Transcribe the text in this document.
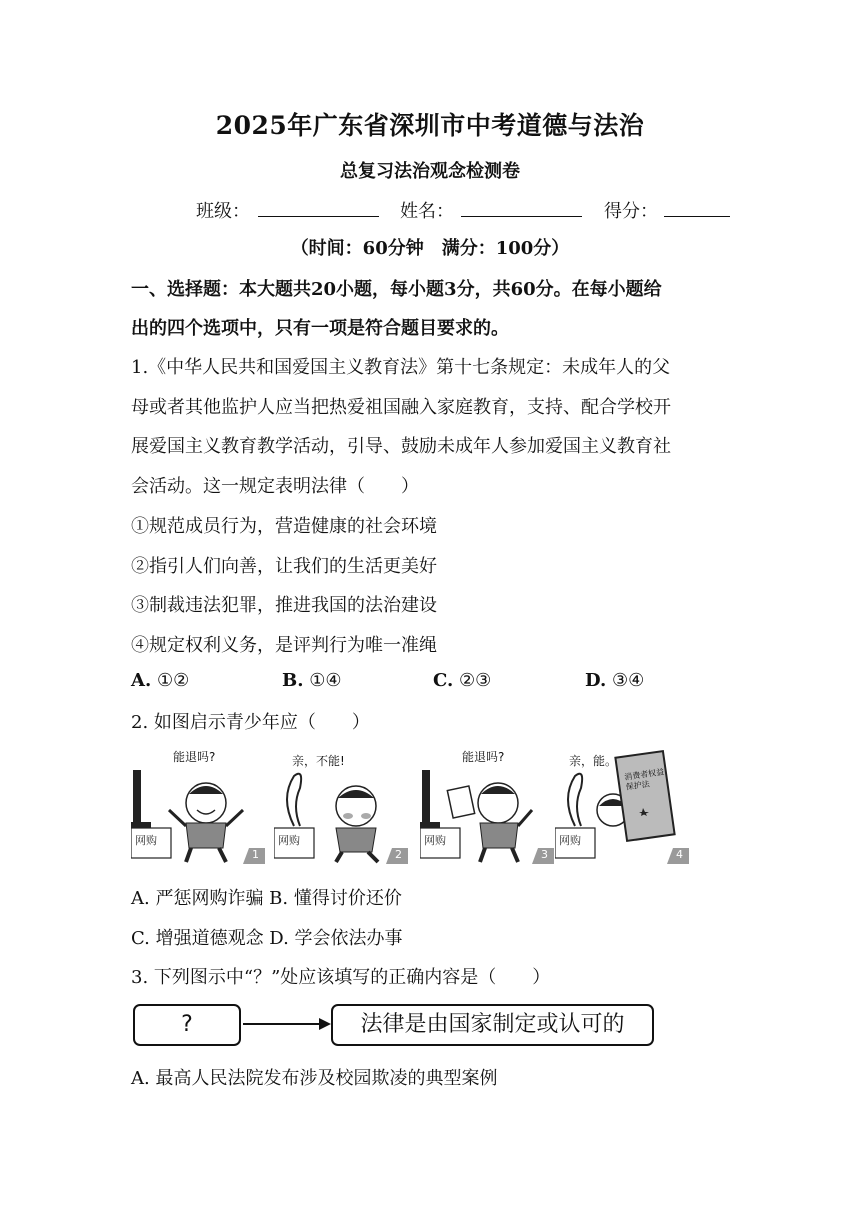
2025年广东省深圳市中考道德与法治
总复习法治观念检测卷
班级：	姓名：	得分：
（时间：60分钟　满分：100分）
一、选择题：本大题共20小题，每小题3分，共60分。在每小题给
出的四个选项中，只有一项是符合题目要求的。
1.《中华人民共和国爱国主义教育法》第十七条规定：未成年人的父
母或者其他监护人应当把热爱祖国融入家庭教育，支持、配合学校开
展爱国主义教育教学活动，引导、鼓励未成年人参加爱国主义教育社
会活动。这一规定表明法律（　　）
①规范成员行为，营造健康的社会环境
②指引人们向善，让我们的生活更美好
③制裁违法犯罪，推进我国的法治建设
④规定权利义务，是评判行为唯一准绳
A. ①②	B. ①④	C. ②③	D. ③④
2. 如图启示青少年应（　　）
能退吗?
网购
1
亲，不能!
网购
2
能退吗?
网购
3
亲，能。
消费者权益保护法
网购
4
A. 严惩网购诈骗 B. 懂得讨价还价
C. 增强道德观念 D. 学会依法办事
3. 下列图示中“？”处应该填写的正确内容是（　　）
?	法律是由国家制定或认可的
A. 最高人民法院发布涉及校园欺凌的典型案例
